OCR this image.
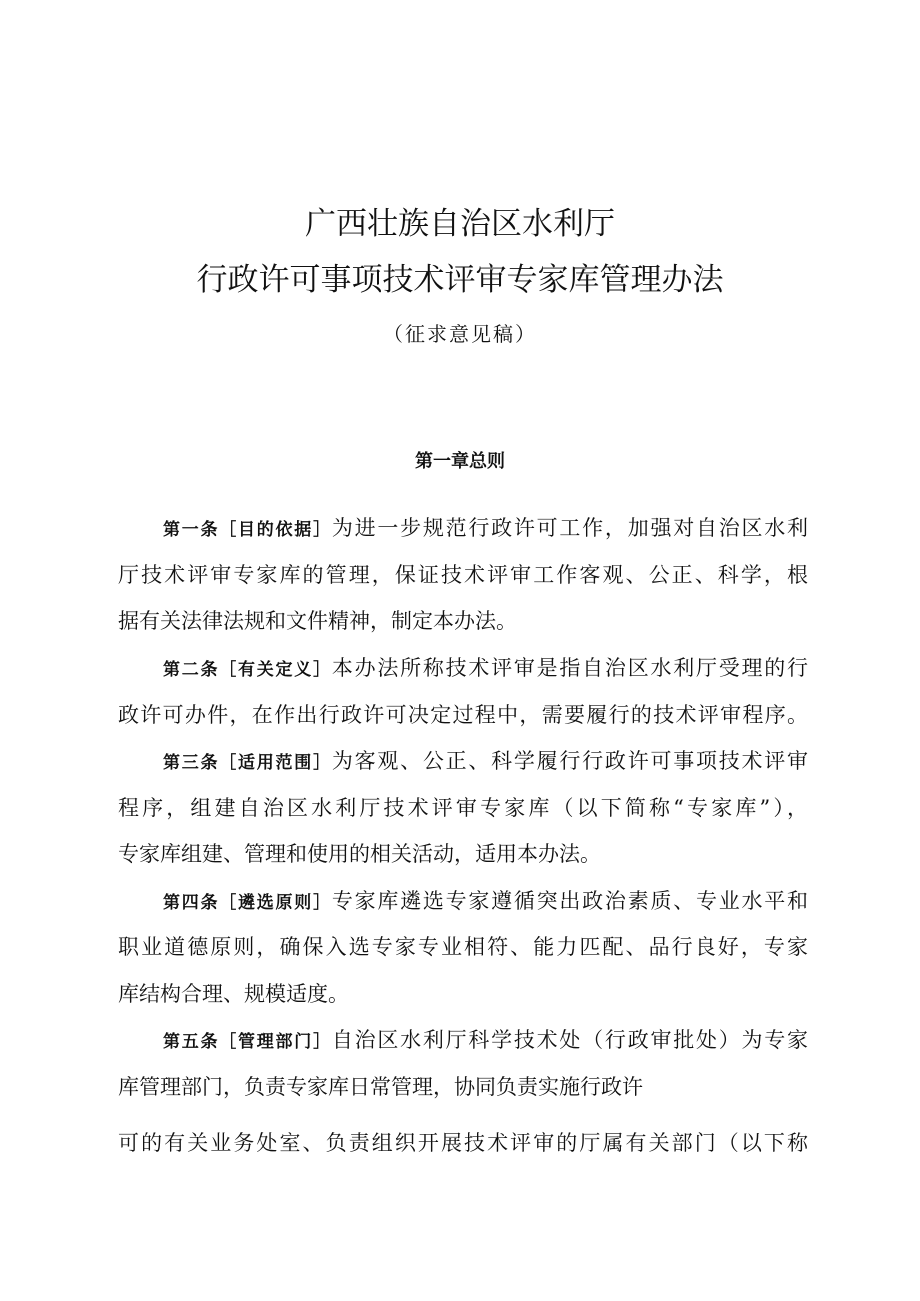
广西壮族自治区水利厅
行政许可事项技术评审专家库管理办法
（征求意见稿）
第一章总则
第一条［目的依据］为进一步规范行政许可工作，加强对自治区水利
厅技术评审专家库的管理，保证技术评审工作客观、公正、科学，根
据有关法律法规和文件精神，制定本办法。
第二条［有关定义］本办法所称技术评审是指自治区水利厅受理的行
政许可办件，在作出行政许可决定过程中，需要履行的技术评审程序。
第三条［适用范围］为客观、公正、科学履行行政许可事项技术评审
程序，组建自治区水利厅技术评审专家库（以下简称“专家库”），
专家库组建、管理和使用的相关活动，适用本办法。
第四条［遴选原则］专家库遴选专家遵循突出政治素质、专业水平和
职业道德原则，确保入选专家专业相符、能力匹配、品行良好，专家
库结构合理、规模适度。
第五条［管理部门］自治区水利厅科学技术处（行政审批处）为专家
库管理部门，负责专家库日常管理，协同负责实施行政许
可的有关业务处室、负责组织开展技术评审的厅属有关部门（以下称
